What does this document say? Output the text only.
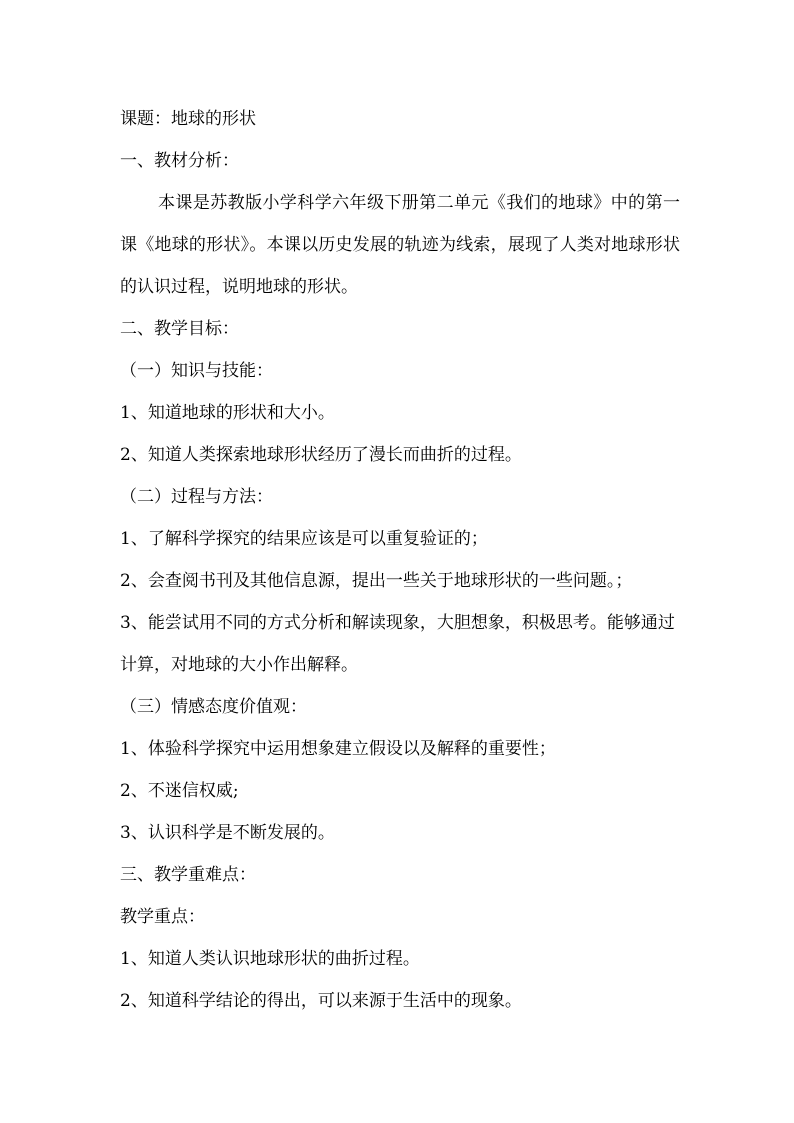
课题：地球的形状
一、教材分析：
本课是苏教版小学科学六年级下册第二单元《我们的地球》中的第一课《地球的形状》。本课以历史发展的轨迹为线索，展现了人类对地球形状的认识过程，说明地球的形状。
二、教学目标：
（一）知识与技能：
1、知道地球的形状和大小。
2、知道人类探索地球形状经历了漫长而曲折的过程。
（二）过程与方法：
1、了解科学探究的结果应该是可以重复验证的；
2、会查阅书刊及其他信息源，提出一些关于地球形状的一些问题。；
3、能尝试用不同的方式分析和解读现象，大胆想象，积极思考。能够通过计算，对地球的大小作出解释。
（三）情感态度价值观：
1、体验科学探究中运用想象建立假设以及解释的重要性；
2、不迷信权威;
3、认识科学是不断发展的。
三、教学重难点：
教学重点：
1、知道人类认识地球形状的曲折过程。
2、知道科学结论的得出，可以来源于生活中的现象。
